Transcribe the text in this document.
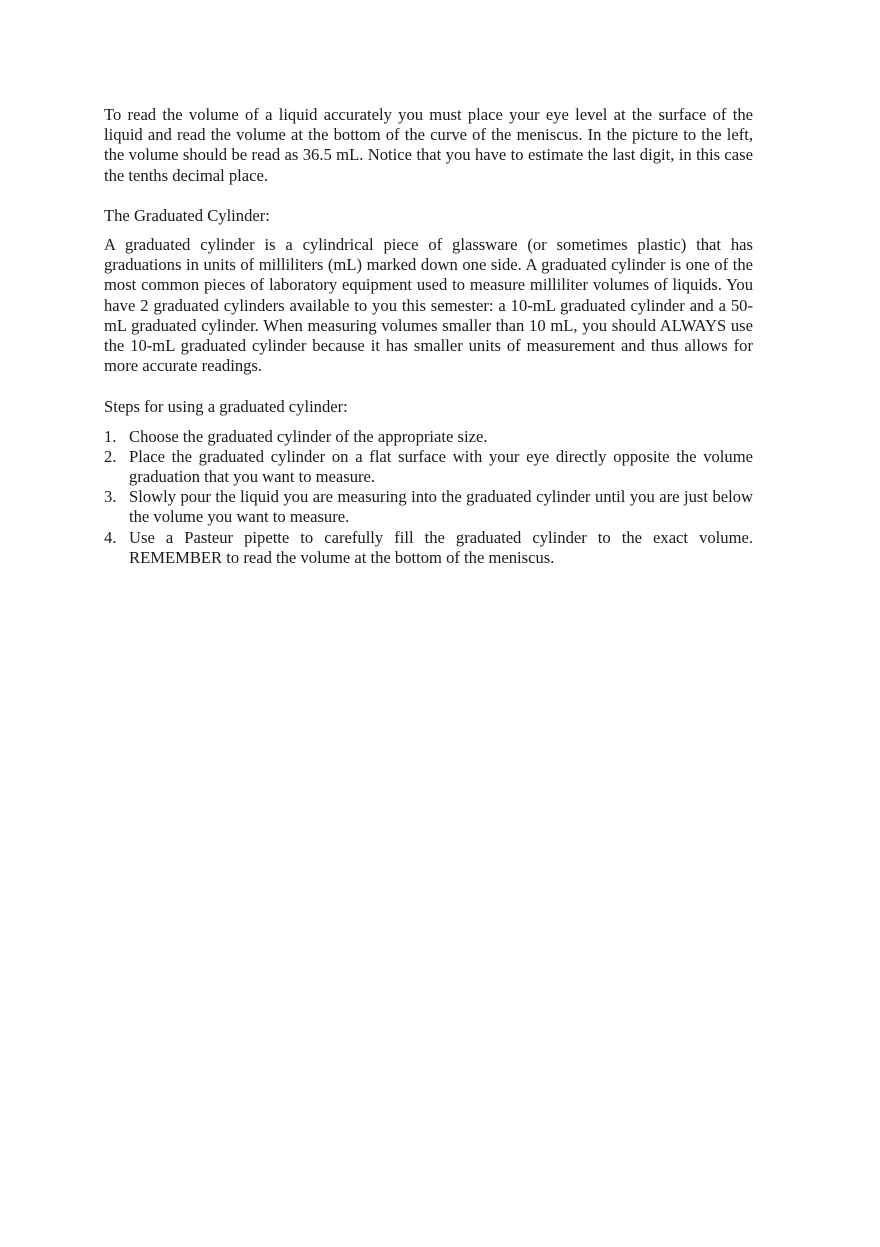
To read the volume of a liquid accurately you must place your eye level at the surface of the liquid and read the volume at the bottom of the curve of the meniscus. In the picture to the left, the volume should be read as 36.5 mL. Notice that you have to estimate the last digit, in this case the tenths decimal place.

The Graduated Cylinder:

A graduated cylinder is a cylindrical piece of glassware (or sometimes plastic) that has graduations in units of milliliters (mL) marked down one side. A graduated cylinder is one of the most common pieces of laboratory equipment used to measure milliliter volumes of liquids. You have 2 graduated cylinders available to you this semester: a 10-mL graduated cylinder and a 50-mL graduated cylinder. When measuring volumes smaller than 10 mL, you should ALWAYS use the 10-mL graduated cylinder because it has smaller units of measurement and thus allows for more accurate readings.

Steps for using a graduated cylinder:

1. Choose the graduated cylinder of the appropriate size.
2. Place the graduated cylinder on a flat surface with your eye directly opposite the volume graduation that you want to measure.
3. Slowly pour the liquid you are measuring into the graduated cylinder until you are just below the volume you want to measure.
4. Use a Pasteur pipette to carefully fill the graduated cylinder to the exact volume. REMEMBER to read the volume at the bottom of the meniscus.
